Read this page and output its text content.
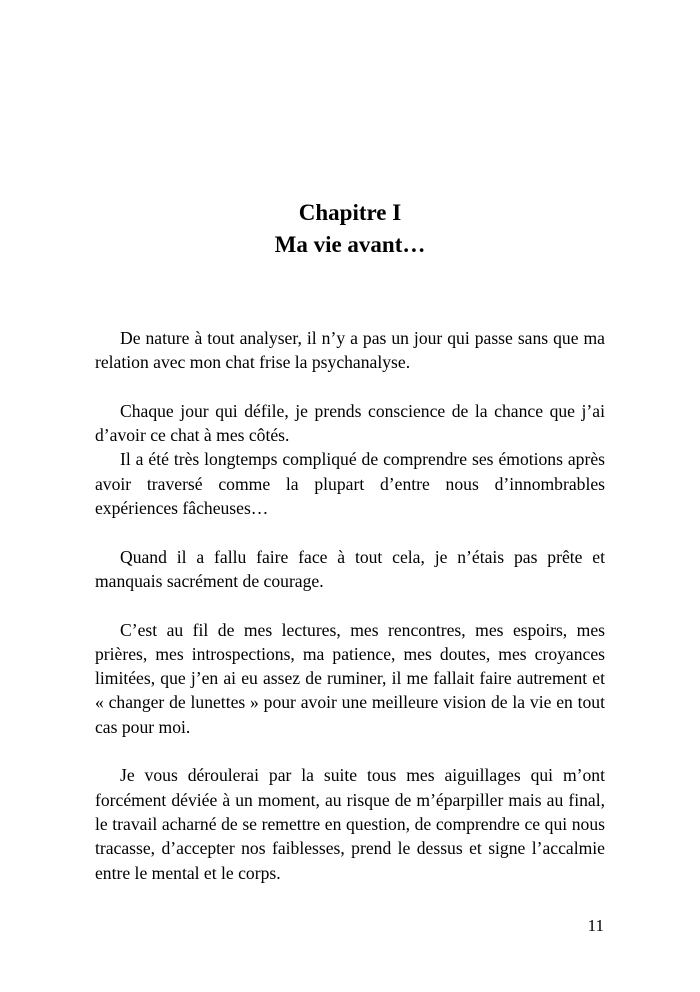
Chapitre I
Ma vie avant…

De nature à tout analyser, il n’y a pas un jour qui passe sans que ma relation avec mon chat frise la psychanalyse.

Chaque jour qui défile, je prends conscience de la chance que j’ai d’avoir ce chat à mes côtés.

Il a été très longtemps compliqué de comprendre ses émotions après avoir traversé comme la plupart d’entre nous d’innombrables expériences fâcheuses…

Quand il a fallu faire face à tout cela, je n’étais pas prête et manquais sacrément de courage.

C’est au fil de mes lectures, mes rencontres, mes espoirs, mes prières, mes introspections, ma patience, mes doutes, mes croyances limitées, que j’en ai eu assez de ruminer, il me fallait faire autrement et « changer de lunettes » pour avoir une meilleure vision de la vie en tout cas pour moi.

Je vous déroulerai par la suite tous mes aiguillages qui m’ont forcément déviée à un moment, au risque de m’éparpiller mais au final, le travail acharné de se remettre en question, de comprendre ce qui nous tracasse, d’accepter nos faiblesses, prend le dessus et signe l’accalmie entre le mental et le corps.

11
